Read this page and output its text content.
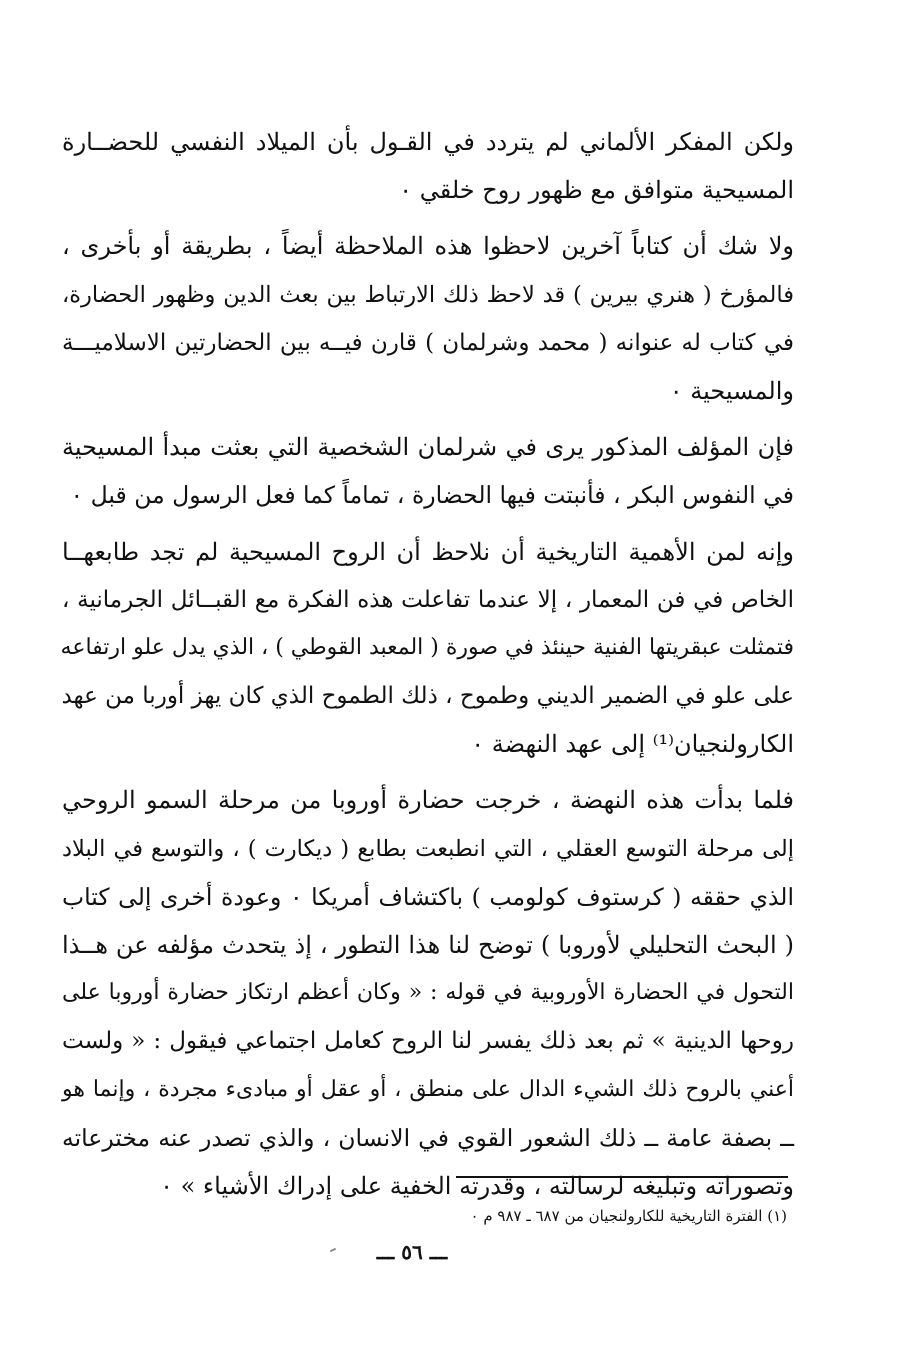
ولكن المفكر الألماني لم يتردد في القـول بأن الميلاد النفسي للحضــارة
المسيحية متوافق مع ظهور روح خلقي ٠
ولا شك أن كتاباً آخرين لاحظوا هذه الملاحظة أيضاً ، بطريقة أو بأخرى ،
فالمؤرخ ( هنري بيرين ) قد لاحظ ذلك الارتباط بين بعث الدين وظهور الحضارة،
في كتاب له عنوانه ( محمد وشرلمان ) قارن فيــه بين الحضارتين الاسلاميـــة
والمسيحية ٠
فإن المؤلف المذكور يرى في شرلمان الشخصية التي بعثت مبدأ المسيحية
في النفوس البكر ، فأنبتت فيها الحضارة ، تماماً كما فعل الرسول من قبل ٠
وإنه لمن الأهمية التاريخية أن نلاحظ أن الروح المسيحية لم تجد طابعهــا
الخاص في فن المعمار ، إلا عندما تفاعلت هذه الفكرة مع القبــائل الجرمانية ،
فتمثلت عبقريتها الفنية حينئذ في صورة ( المعبد القوطي ) ، الذي يدل علو ارتفاعه
على علو في الضمير الديني وطموح ، ذلك الطموح الذي كان يهز أوربا من عهد
الكارولنجيان⁽¹⁾ إلى عهد النهضة ٠
فلما بدأت هذه النهضة ، خرجت حضارة أوروبا من مرحلة السمو الروحي
إلى مرحلة التوسع العقلي ، التي انطبعت بطابع ( ديكارت ) ، والتوسع في البلاد
الذي حققه ( كرستوف كولومب ) باكتشاف أمريكا ٠ وعودة أخرى إلى كتاب
( البحث التحليلي لأوروبا ) توضح لنا هذا التطور ، إذ يتحدث مؤلفه عن هــذا
التحول في الحضارة الأوروبية في قوله : « وكان أعظم ارتكاز حضارة أوروبا على
روحها الدينية » ثم بعد ذلك يفسر لنا الروح كعامل اجتماعي فيقول : « ولست
أعني بالروح ذلك الشيء الدال على منطق ، أو عقل أو مبادىء مجردة ، وإنما هو
ــ بصفة عامة ــ ذلك الشعور القوي في الانسان ، والذي تصدر عنه مخترعاته
وتصوراته وتبليغه لرسالته ، وقدرته الخفية على إدراك الأشياء » ٠
(١) الفترة التاريخية للكارولنجيان من ٦٨٧ ـ ٩٨٧ م ٠
ـــ ٥٦ ـــ
